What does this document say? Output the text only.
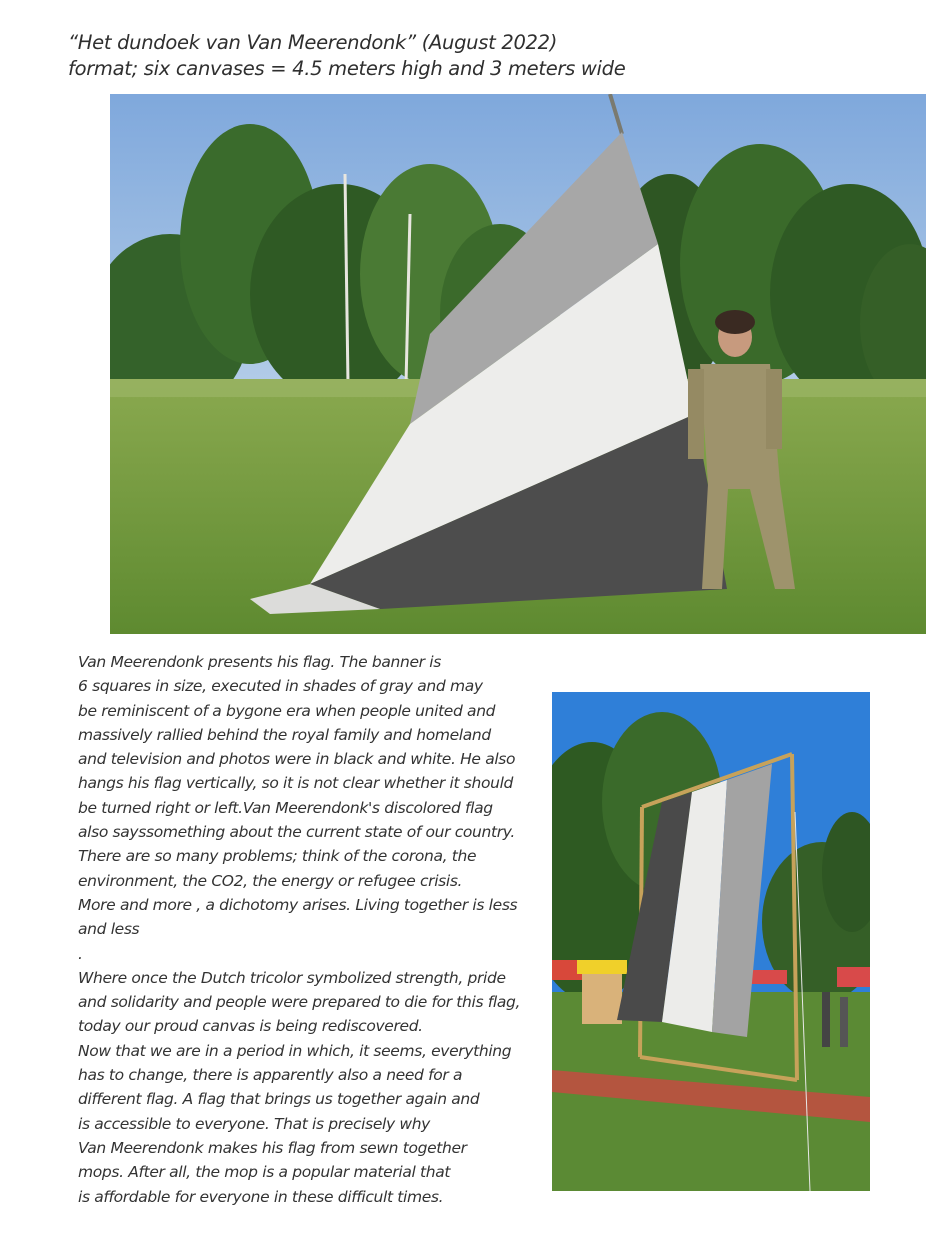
“Het dundoek van Van Meerendonk” (August 2022)
format; six canvases = 4.5 meters high and 3 meters wide
Van Meerendonk presents his flag. The banner is
6 squares in size, executed in shades of gray and may
be reminiscent of a bygone era when people united and
massively rallied behind the royal family and homeland
and television and photos were in black and white. He also
hangs his flag vertically, so it is not clear whether it should
be turned right or left.Van Meerendonk's discolored flag
also sayssomething about the current state of our country.
There are so many problems; think of the corona, the
environment, the CO2, the energy or refugee crisis.
More and more , a dichotomy arises. Living together is less
and less
.
Where once the Dutch tricolor symbolized strength, pride
and solidarity and people were prepared to die for this flag,
today our proud canvas is being rediscovered.
Now that we are in a period in which, it seems, everything
has to change, there is apparently also a need for a
different flag. A flag that brings us together again and
is accessible to everyone. That is precisely why
Van Meerendonk makes his flag from sewn together
mops. After all, the mop is a popular material that
is affordable for everyone in these difficult times.
